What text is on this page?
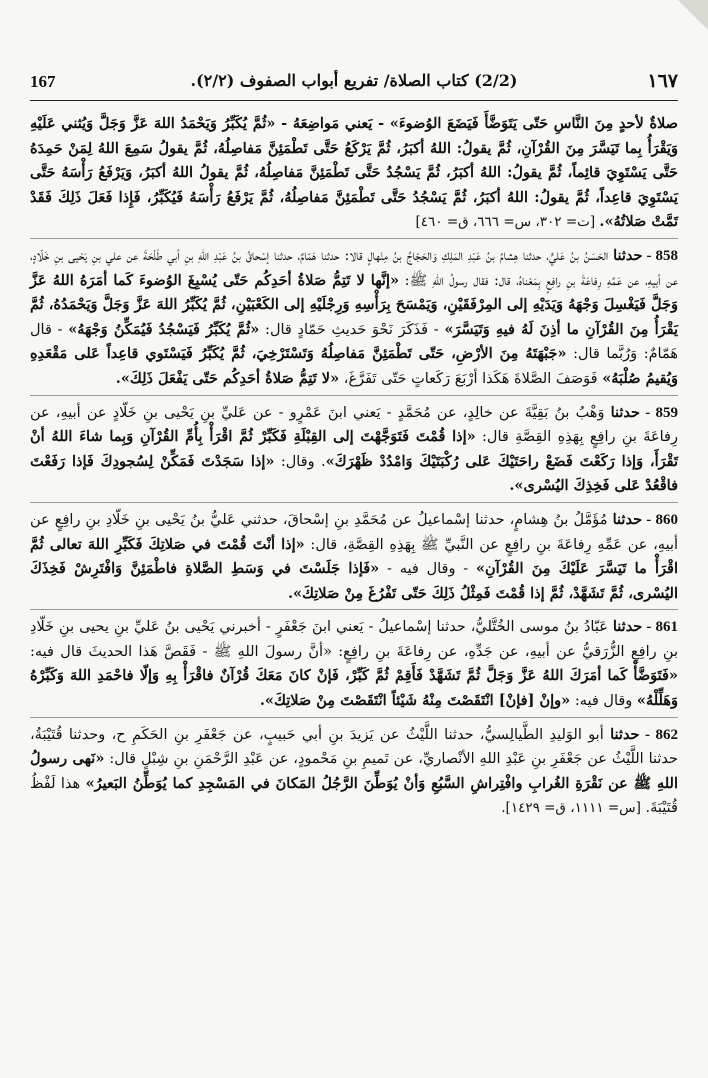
167	(2/2) كتاب الصلاة/ تفريع أبواب الصفوف (٢/٢).	١٦٧

صلاةٌ لأحدٍ مِنَ النَّاسِ حَتّى يَتَوَضَّأَ فَيَضَعَ الوُضوءَ» - يَعني مَواضِعَهُ - «ثُمَّ يُكَبِّرُ وَيَحْمَدُ اللهَ عَزَّ وَجَلَّ وَيُثني عَلَيْهِ وَيَقْرَأُ بِما تَيَسَّرَ مِنَ القُرْآنِ، ثُمَّ يقولُ: اللهُ أكبَرُ، ثُمَّ يَرْكَعُ حَتَّى تَطْمَئِنَّ مَفاصِلُهُ، ثُمَّ يقولُ سَمِعَ اللهُ لِمَنْ حَمِدَهُ حَتَّى يَسْتَوِيَ قائِماً، ثُمَّ يقولُ: اللهُ أكبَرُ، ثُمَّ يَسْجُدُ حَتَّى تَطْمَئِنَّ مَفاصِلُهُ، ثُمَّ يقولُ اللهُ أكبَرُ، وَيَرْفَعُ رَأْسَهُ حَتَّى يَسْتَوِيَ قاعِداً، ثُمَّ يقولُ: اللهُ أكبَرُ، ثُمَّ يَسْجُدُ حَتَّى تَطْمَئِنَّ مَفاصِلُهُ، ثُمَّ يَرْفَعُ رَأْسَهُ فَيُكَبِّرُ، فَإِذا فَعَلَ ذَلِكَ فَقَدْ تَمَّتْ صَلاتُهُ». [ت= ٣٠٢، س= ٦٦٦، ق= ٤٦٠]

858 - حدثنا الحَسَنُ بنُ عَليٍّ، حدثنا هِشامُ بنُ عَبْدِ المَلِكِ وَالحَجّاجُ بنُ مِنْهالٍ قالا: حدثنا هَمّامٌ، حدثنا إسْحاقُ بنُ عَبْدِ اللهِ بنِ أبي طَلْحَةَ عن علي بنِ يَحْيى بنِ خَلّادٍ، عن أبيهِ، عن عَمِّهِ رِفاعَةَ بنِ رافِعٍ بِمَعْناهُ، قال: فقال رسولُ اللهِ ﷺ: «إنَّها لا تَتِمُّ صَلاةُ أحَدِكُم حَتّى يُسْبِغَ الوُضوءَ كَما أمَرَهُ اللهُ عَزَّ وَجَلَّ فَيَغْسِلَ وَجْهَهُ وَيَدَيْهِ إلى المِرْفَقَيْنِ، وَيَمْسَحَ بِرَأْسِهِ وَرِجْلَيْهِ إلى الكَعْبَيْنِ، ثُمَّ يُكَبِّرُ اللهَ عَزَّ وَجَلَّ وَيَحْمَدُهُ، ثُمَّ يَقْرَأُ مِنَ القُرْآنِ ما أذِنَ لَهُ فيهِ وَتَيَسَّرَ» - فَذَكَرَ نَحْوَ حَديثِ حَمّادٍ قال: «ثُمَّ يُكَبِّرُ فَيَسْجُدُ فَيُمَكِّنُ وَجْهَهُ» - قال هَمّامٌ: وَرُبَّما قال: «جَبْهَتَهُ مِنَ الأرْضِ، حَتّى تَطْمَئِنَّ مَفاصِلُهُ وَتَسْتَرْخِيَ، ثُمَّ يُكَبِّرُ فَيَسْتَوي قاعِداً عَلى مَقْعَدِهِ وَيُقيمُ صُلْبَهُ» فَوَصَفَ الصَّلاةَ هَكَذا أرْبَعَ رَكَعاتٍ حَتّى تَفَرَّغَ، «لا تَتِمُّ صَلاةُ أحَدِكُم حَتّى يَفْعَلَ ذَلِكَ».

859 - حدثنا وَهْبُ بنُ بَقِيَّةَ عن خالِدٍ، عن مُحَمَّدٍ - يَعني ابنَ عَمْرٍو - عن عَليِّ بنِ يَحْيى بنِ خَلّادٍ عن أبيهِ، عن رِفاعَةَ بنِ رافِعٍ بِهَذِهِ القِصَّةِ قال: «إذا قُمْتَ فَتَوَجَّهْتَ إلى القِبْلَةِ فَكَبِّرْ ثُمَّ اقْرَأْ بِأُمِّ القُرْآنِ وَبِما شاءَ اللهُ أنْ تَقْرَأَ، وَإذا رَكَعْتَ فَضَعْ راحَتَيْكَ عَلى رُكْبَتَيْكَ وَامْدُدْ ظَهْرَكَ». وقال: «إذا سَجَدْتَ فَمَكِّنْ لِسُجودِكَ فَإذا رَفَعْتَ فاقْعُدْ عَلى فَخِذِكَ اليُسْرى».

860 - حدثنا مُؤَمَّلُ بنُ هِشامٍ، حدثنا إسْماعيلُ عن مُحَمَّدِ بنِ إسْحاقَ، حدثني عَليُّ بنُ يَحْيى بنِ خَلّادِ بنِ رافِعٍ عن أبيهِ، عن عَمِّهِ رِفاعَةَ بنِ رافِعٍ عن النَّبيِّ ﷺ بِهَذِهِ القِصَّةِ، قال: «إذا أنْتَ قُمْتَ في صَلاتِكَ فَكَبِّرِ اللهَ تعالى ثُمَّ اقْرَأْ ما تَيَسَّرَ عَلَيْكَ مِنَ القُرْآنِ» - وقال فيه - «فَإذا جَلَسْتَ في وَسَطِ الصَّلاةِ فاطْمَئِنَّ وَافْتَرِشْ فَخِذَكَ اليُسْرى، ثُمَّ تَشَهَّدْ، ثُمَّ إذا قُمْتَ فَمِثْلُ ذَلِكَ حَتّى تَفْرُغَ مِنْ صَلاتِكَ».

861 - حدثنا عَبّادُ بنُ موسى الخُتَّليُّ، حدثنا إسْماعيلُ - يَعني ابنَ جَعْفَرٍ - أخبرني يَحْيى بنُ عَليِّ بنِ يحيى بنِ خَلّادِ بنِ رافِعٍ الزُّرَقيُّ عن أبيهِ، عن جَدِّهِ، عن رِفاعَةَ بنِ رافِعٍ: «أنَّ رسولَ اللهِ ﷺ - فَقَصَّ هَذا الحديثَ قال فيه: «فَتَوَضَّأْ كَما أمَرَكَ اللهُ عَزَّ وَجَلَّ ثُمَّ تَشَهَّدْ فَأَقِمْ ثُمَّ كَبِّرْ، فَإنْ كانَ مَعَكَ قُرْآنٌ فاقْرَأْ بِهِ وَإلّا فاحْمَدِ اللهَ وَكَبِّرْهُ وَهَلِّلْهُ» وقال فيه: «وإنْ [فإنْ] انْتَقَصْتَ مِنْهُ شَيْئاً انْتَقَصْتَ مِنْ صَلاتِكَ».

862 - حدثنا أبو الوَليدِ الطَّيالِسيُّ، حدثنا اللَّيْثُ عن يَزيدَ بنِ أبي حَبيبٍ، عن جَعْفَرِ بنِ الحَكَمِ ح، وحدثنا قُتَيْبَةُ، حدثنا اللَّيْثُ عن جَعْفَرِ بنِ عَبْدِ اللهِ الأنْصاريِّ، عن تَميمِ بنِ مَحْمودٍ، عن عَبْدِ الرَّحْمَنِ بنِ شِبْلٍ قال: «نَهى رسولُ اللهِ ﷺ عن نَقْرَةِ الغُرابِ وافْتِراشِ السَّبُعِ وَأنْ يُوَطِّنَ الرَّجُلُ المَكانَ في المَسْجِدِ كما يُوَطِّنُ البَعيرُ» هذا لَفْظُ قُتَيْبَةَ. [س= ١١١١، ق= ١٤٢٩].
